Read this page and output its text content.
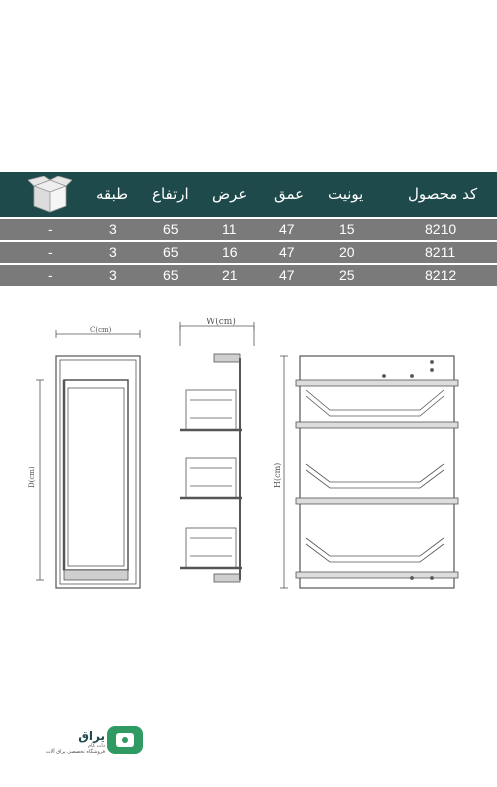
کد محصول
یونیت
عمق
عرض
ارتفاع
طبقه
8210
15
47
11
65
3
-
8211
20
47
16
65
3
-
8212
25
47
21
65
3
-
C(cm)
D(cm)
W(cm)
H(cm)
یراق
دات کام
فروشگاه تخصصی یراق آلات
